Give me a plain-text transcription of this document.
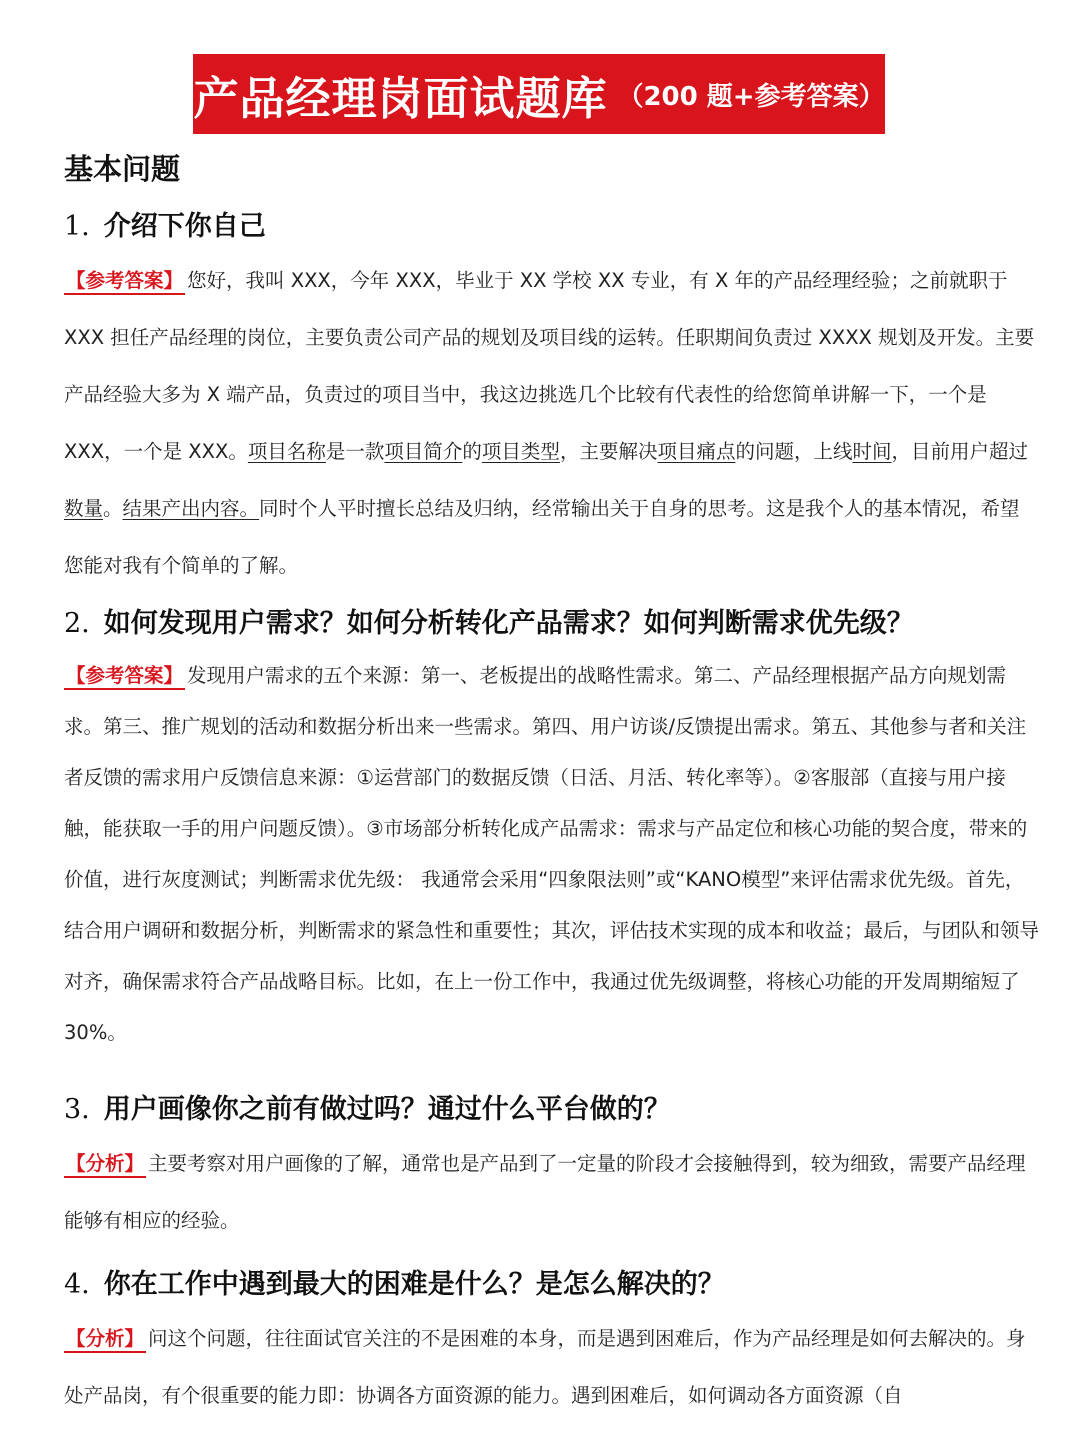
产品经理岗面试题库 （200 题+参考答案）
基本问题
1. 介绍下你自己

【参考答案】 您好，我叫 XXX，今年 XXX，毕业于 XX 学校 XX 专业，有 X 年的产品经理经验；之前就职于 XXX 担任产品经理的岗位，主要负责公司产品的规划及项目线的运转。任职期间负责过 XXXX 规划及开发。主要产品经验大多为 X 端产品，负责过的项目当中，我这边挑选几个比较有代表性的给您简单讲解一下，一个是 XXX，一个是 XXX。项目名称是一款项目简介的项目类型，主要解决项目痛点的问题，上线时间，目前用户超过数量。结果产出内容。同时个人平时擅长总结及归纳，经常输出关于自身的思考。这是我个人的基本情况，希望您能对我有个简单的了解。

2. 如何发现用户需求？如何分析转化产品需求？如何判断需求优先级？

【参考答案】 发现用户需求的五个来源：第一、老板提出的战略性需求。第二、产品经理根据产品方向规划需求。第三、推广规划的活动和数据分析出来一些需求。第四、用户访谈/反馈提出需求。第五、其他参与者和关注者反馈的需求用户反馈信息来源：①运营部门的数据反馈（日活、月活、转化率等）。②客服部（直接与用户接触，能获取一手的用户问题反馈）。③市场部分析转化成产品需求：需求与产品定位和核心功能的契合度，带来的价值，进行灰度测试；判断需求优先级： 我通常会采用“四象限法则”或“KANO模型”来评估需求优先级。首先，结合用户调研和数据分析，判断需求的紧急性和重要性；其次，评估技术实现的成本和收益；最后，与团队和领导对齐，确保需求符合产品战略目标。比如，在上一份工作中，我通过优先级调整，将核心功能的开发周期缩短了30%。

3. 用户画像你之前有做过吗？通过什么平台做的？

【分析】 主要考察对用户画像的了解，通常也是产品到了一定量的阶段才会接触得到，较为细致，需要产品经理能够有相应的经验。

4. 你在工作中遇到最大的困难是什么？是怎么解决的？

【分析】 问这个问题，往往面试官关注的不是困难的本身，而是遇到困难后，作为产品经理是如何去解决的。身处产品岗，有个很重要的能力即：协调各方面资源的能力。遇到困难后，如何调动各方面资源（自
